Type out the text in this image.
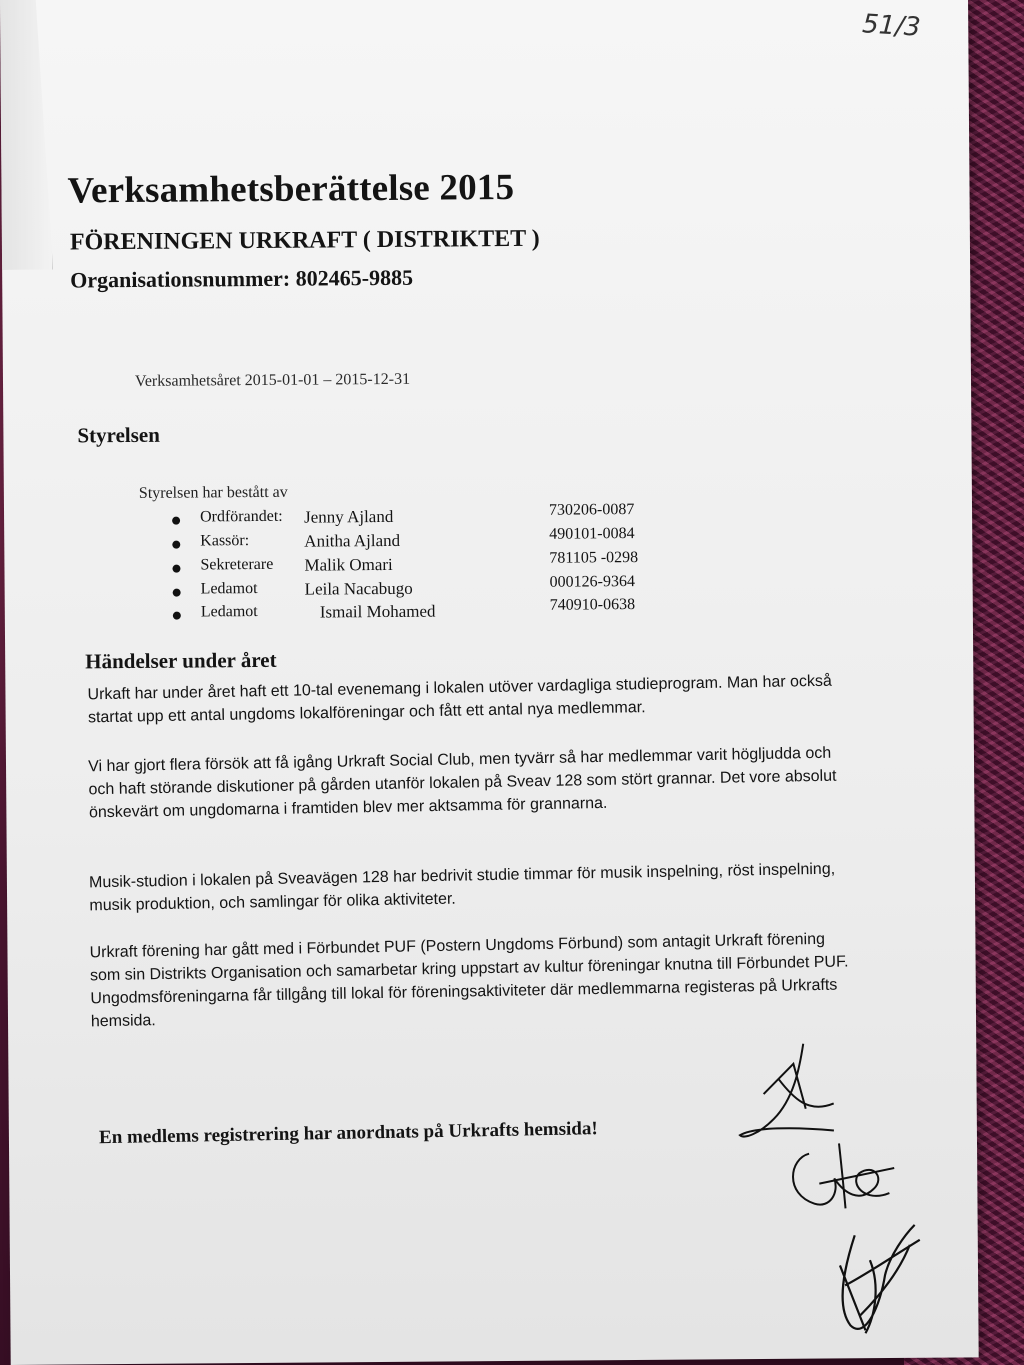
51/3
Verksamhetsberättelse 2015
FÖRENINGEN URKRAFT ( DISTRIKTET )
Organisationsnummer: 802465-9885
Verksamhetsåret 2015-01-01 – 2015-12-31
Styrelsen
Styrelsen har bestått av
Ordförandet: Jenny Ajland	730206-0087
Kassör:	Anitha Ajland	490101-0084
Sekreterare Malik Omari	781105 -0298
Ledamot	Leila Nacabugo	000126-9364
Ledamot	Ismail Mohamed	740910-0638
Händelser under året
Urkaft har under året haft ett 10-tal evenemang i lokalen utöver vardagliga studieprogram. Man har också startat upp ett antal ungdoms lokalföreningar och fått ett antal nya medlemmar.
Vi har gjort flera försök att få igång Urkraft Social Club, men tyvärr så har medlemmar varit högljudda och och haft störande diskutioner på gården utanför lokalen på Sveav 128 som stört grannar. Det vore absolut önskevärt om ungdomarna i framtiden blev mer aktsamma för grannarna.
Musik-studion i lokalen på Sveavägen 128 har bedrivit studie timmar för musik inspelning, röst inspelning, musik produktion, och samlingar för olika aktiviteter.
Urkraft förening har gått med i Förbundet PUF (Postern Ungdoms Förbund) som antagit Urkraft förening som sin Distrikts Organisation och samarbetar kring uppstart av kultur föreningar knutna till Förbundet PUF. Ungodmsföreningarna får tillgång till lokal för föreningsaktiviteter där medlemmarna registeras på Urkrafts hemsida.
En medlems registrering har anordnats på Urkrafts hemsida!
